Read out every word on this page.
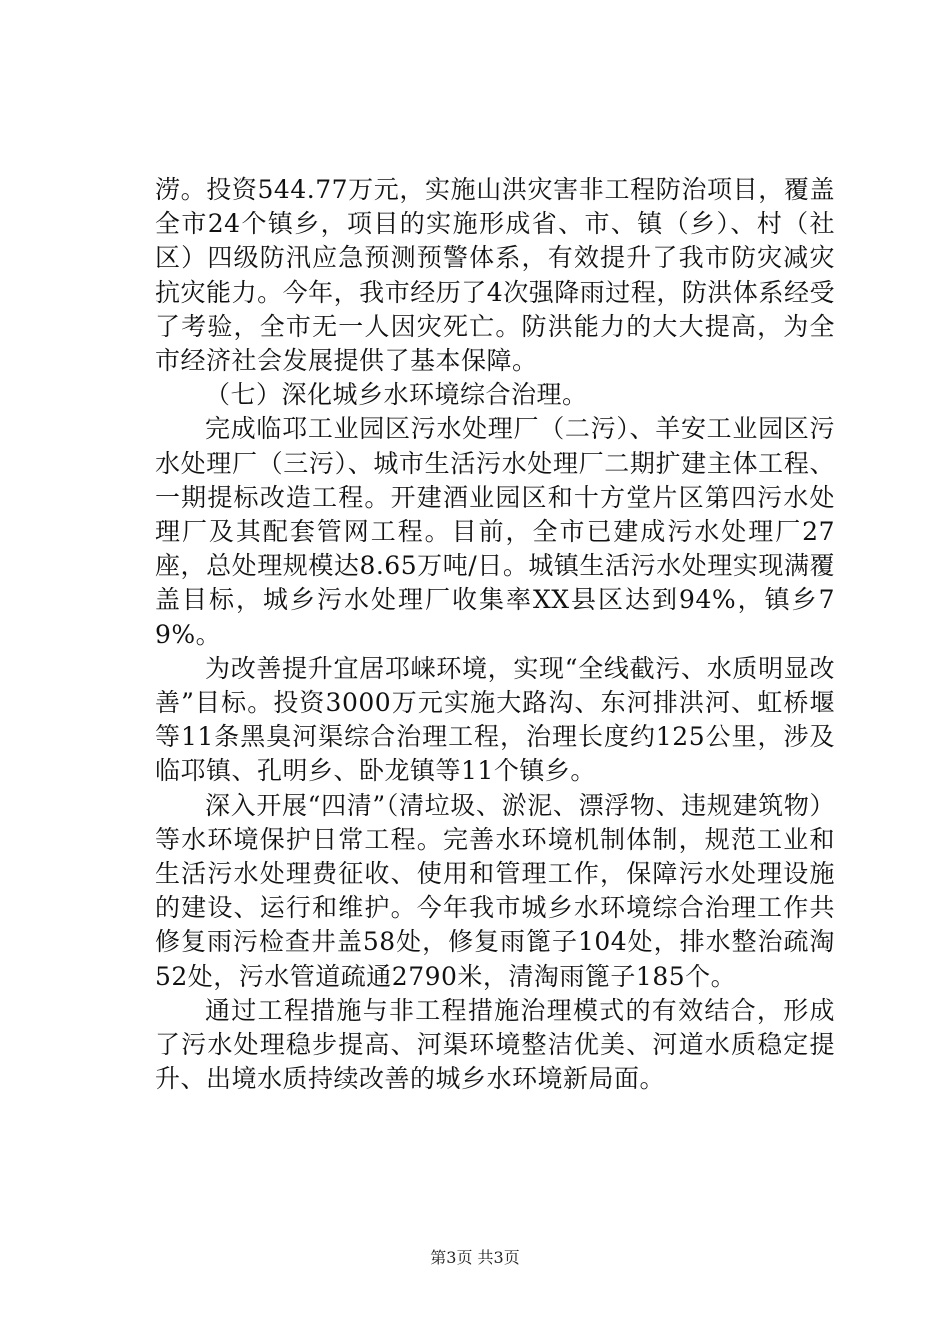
涝。投资544.77万元，实施山洪灾害非工程防治项目，覆盖全市24个镇乡，项目的实施形成省、市、镇（乡）、村（社区）四级防汛应急预测预警体系，有效提升了我市防灾减灾抗灾能力。今年，我市经历了4次强降雨过程，防洪体系经受了考验，全市无一人因灾死亡。防洪能力的大大提高，为全市经济社会发展提供了基本保障。

（七）深化城乡水环境综合治理。

完成临邛工业园区污水处理厂（二污）、羊安工业园区污水处理厂（三污）、城市生活污水处理厂二期扩建主体工程、一期提标改造工程。开建酒业园区和十方堂片区第四污水处理厂及其配套管网工程。目前，全市已建成污水处理厂27座，总处理规模达8.65万吨/日。城镇生活污水处理实现满覆盖目标，城乡污水处理厂收集率XX县区达到94%，镇乡79%。

为改善提升宜居邛崃环境，实现“全线截污、水质明显改善”目标。投资3000万元实施大路沟、东河排洪河、虹桥堰等11条黑臭河渠综合治理工程，治理长度约125公里，涉及临邛镇、孔明乡、卧龙镇等11个镇乡。

深入开展“四清”（清垃圾、淤泥、漂浮物、违规建筑物）等水环境保护日常工程。完善水环境机制体制，规范工业和生活污水处理费征收、使用和管理工作，保障污水处理设施的建设、运行和维护。今年我市城乡水环境综合治理工作共修复雨污检查井盖58处，修复雨篦子104处，排水整治疏淘52处，污水管道疏通2790米，清淘雨篦子185个。

通过工程措施与非工程措施治理模式的有效结合，形成了污水处理稳步提高、河渠环境整洁优美、河道水质稳定提升、出境水质持续改善的城乡水环境新局面。

第3页 共3页
